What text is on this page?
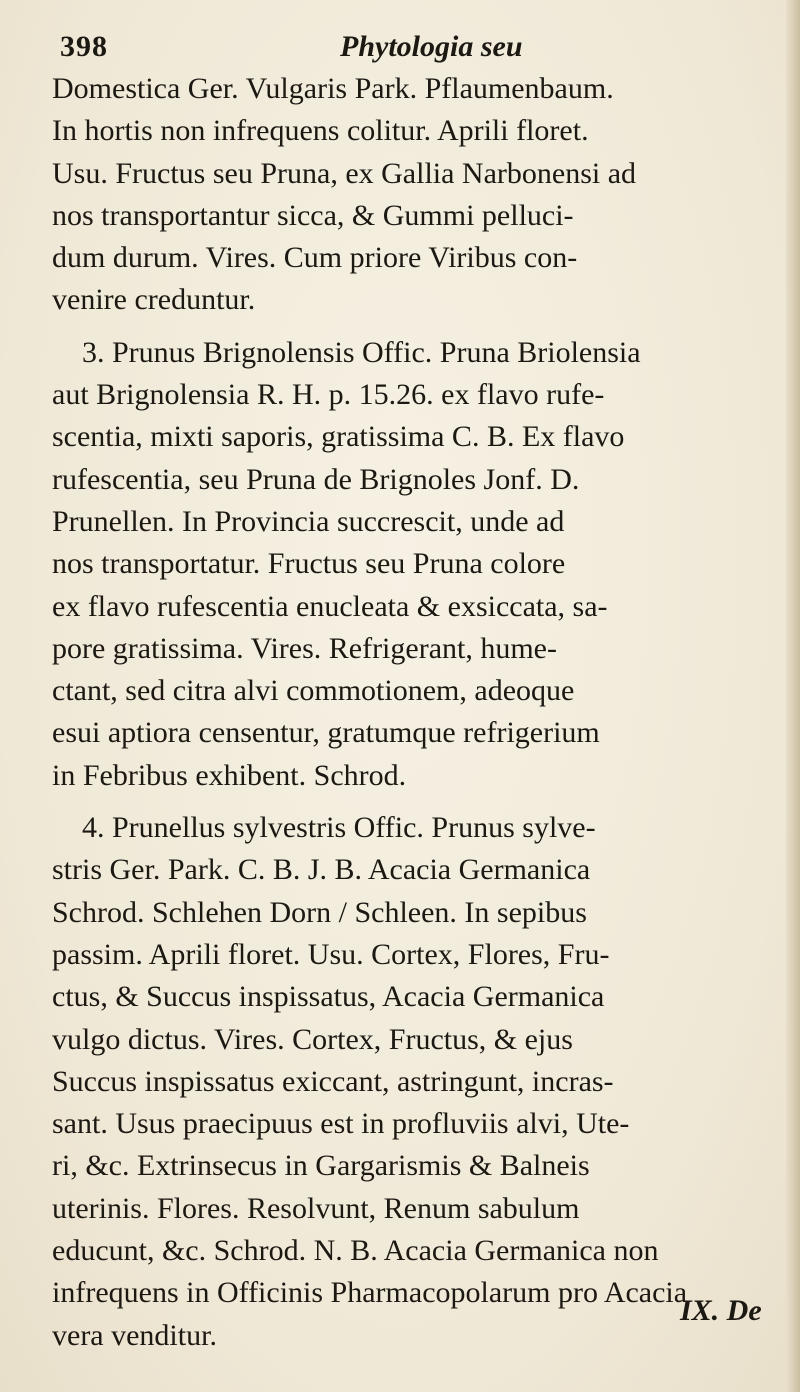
398	Phytologia seu
Domestica Ger. Vulgaris Park. Pflaumenbaum.
In hortis non infrequens colitur. Aprili floret.
Usu. Fructus seu Pruna, ex Gallia Narbonensi ad
nos transportantur sicca, & Gummi pelluci-
dum durum. Vires. Cum priore Viribus con-
venire creduntur.
3. Prunus Brignolensis Offic. Pruna Briolensia
aut Brignolensia R. H. p. 15.26. ex flavo rufe-
scentia, mixti saporis, gratissima C. B. Ex flavo
rufescentia, seu Pruna de Brignoles Jonf. D.
Prunellen. In Provincia succrescit, unde ad
nos transportatur. Fructus seu Pruna colore
ex flavo rufescentia enucleata & exsiccata, sa-
pore gratissima. Vires. Refrigerant, hume-
ctant, sed citra alvi commotionem, adeoque
esui aptiora censentur, gratumque refrigerium
in Febribus exhibent. Schrod.
4. Prunellus sylvestris Offic. Prunus sylve-
stris Ger. Park. C. B. J. B. Acacia Germanica
Schrod. Schlehen Dorn / Schleen. In sepibus
passim. Aprili floret. Usu. Cortex, Flores, Fru-
ctus, & Succus inspissatus, Acacia Germanica
vulgo dictus. Vires. Cortex, Fructus, & ejus
Succus inspissatus exiccant, astringunt, incras-
sant. Usus praecipuus est in profluviis alvi, Ute-
ri, &c. Extrinsecus in Gargarismis & Balneis
uterinis. Flores. Resolvunt, Renum sabulum
educunt, &c. Schrod. N. B. Acacia Germanica non
infrequens in Officinis Pharmacopolarum pro Acacia
vera venditur.
IX. De
